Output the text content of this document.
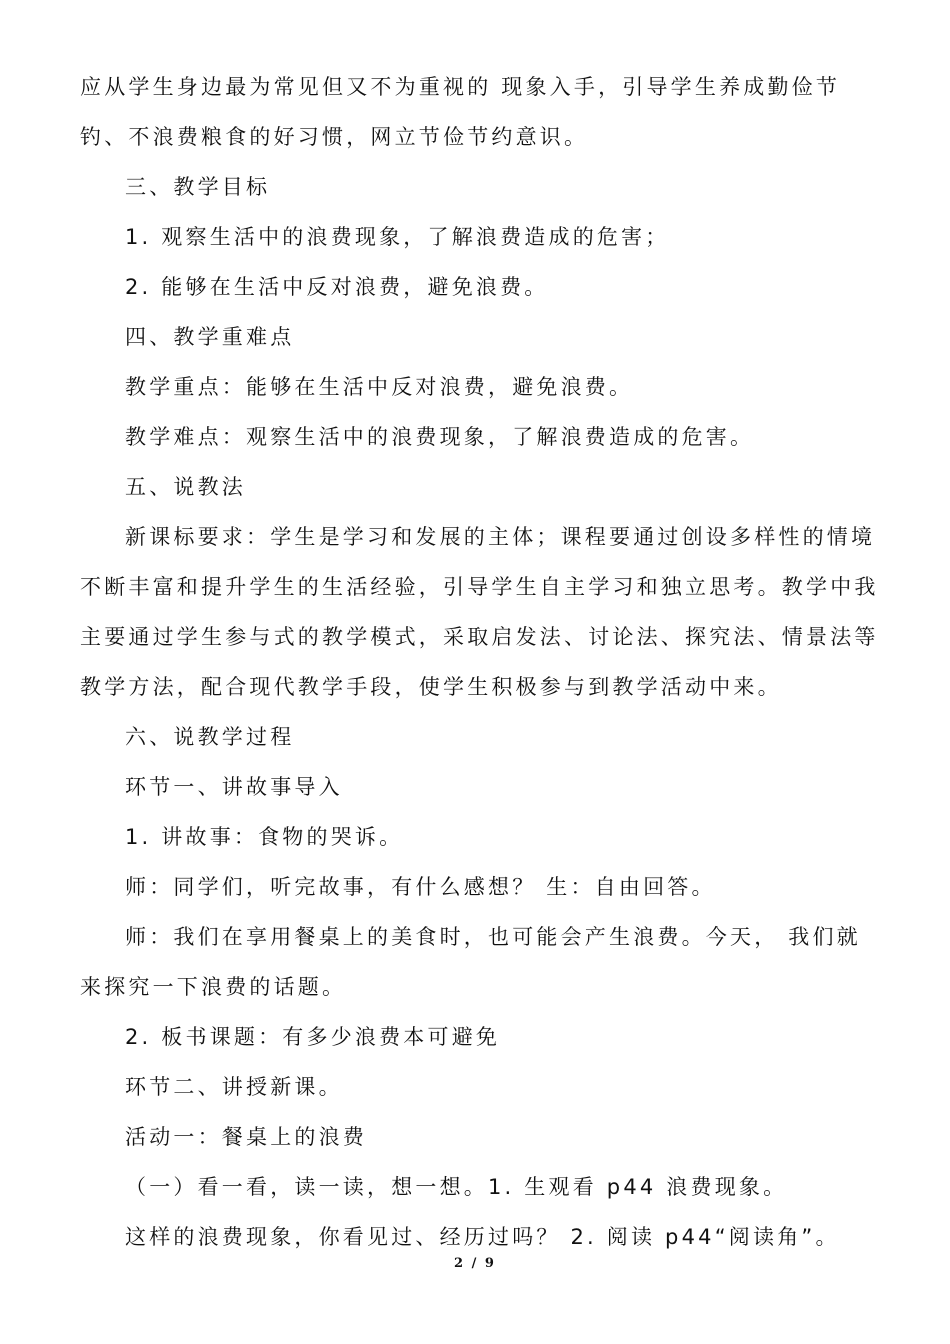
应从学生身边最为常见但又不为重视的 现象入手，引导学生养成勤俭节钓、不浪费粮食的好习惯，网立节俭节约意识。

三、教学目标

1. 观察生活中的浪费现象，了解浪费造成的危害；

2. 能够在生活中反对浪费，避免浪费。

四、教学重难点

教学重点：能够在生活中反对浪费，避免浪费。

教学难点：观察生活中的浪费现象，了解浪费造成的危害。

五、说教法

新课标要求：学生是学习和发展的主体；课程要通过创设多样性的情境不断丰富和提升学生的生活经验，引导学生自主学习和独立思考。教学中我主要通过学生参与式的教学模式，采取启发法、讨论法、探究法、情景法等教学方法，配合现代教学手段，使学生积极参与到教学活动中来。

六、说教学过程

环节一、讲故事导入

1. 讲故事：食物的哭诉。

师：同学们，听完故事，有什么感想？ 生：自由回答。

师：我们在享用餐桌上的美食时，也可能会产生浪费。今天， 我们就来探究一下浪费的话题。

2. 板书课题：有多少浪费本可避免

环节二、讲授新课。

活动一：餐桌上的浪费

（一）看一看，读一读，想一想。1. 生观看 p44 浪费现象。

这样的浪费现象，你看见过、经历过吗？ 2. 阅读 p44“阅读角”。

2 / 9
